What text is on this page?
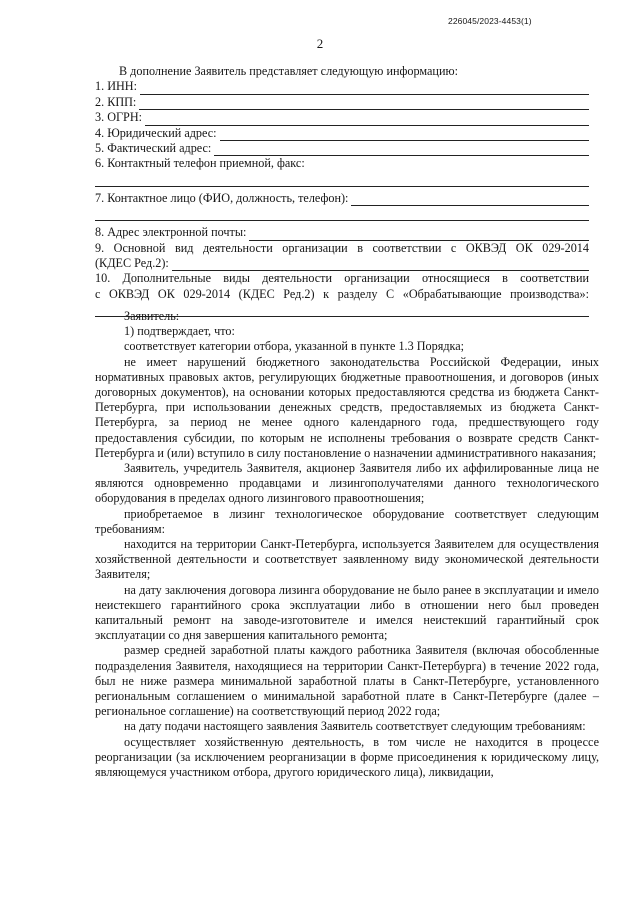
226045/2023-4453(1)
2
В дополнение Заявитель представляет следующую информацию:
1. ИНН:
2. КПП:
3. ОГРН:
4. Юридический адрес:
5. Фактический адрес:
6. Контактный телефон приемной, факс:
7. Контактное лицо (ФИО, должность, телефон):
8. Адрес электронной почты:
9. Основной вид деятельности организации в соответствии с ОКВЭД ОК 029-2014
(КДЕС Ред.2):
10. Дополнительные виды деятельности организации относящиеся в соответствии
с ОКВЭД ОК 029-2014 (КДЕС Ред.2) к разделу С «Обрабатывающие производства»:

Заявитель:

1) подтверждает, что:

соответствует категории отбора, указанной в пункте 1.3 Порядка;

не имеет нарушений бюджетного законодательства Российской Федерации, иных нормативных правовых актов, регулирующих бюджетные правоотношения, и договоров (иных договорных документов), на основании которых предоставляются средства из бюджета Санкт-Петербурга, при использовании денежных средств, предоставляемых из бюджета Санкт-Петербурга, за период не менее одного календарного года, предшествующего году предоставления субсидии, по которым не исполнены требования о возврате средств Санкт-Петербурга и (или) вступило в силу постановление о назначении административного наказания;

Заявитель, учредитель Заявителя, акционер Заявителя либо их аффилированные лица не являются одновременно продавцами и лизингополучателями данного технологического оборудования в пределах одного лизингового правоотношения;

приобретаемое в лизинг технологическое оборудование соответствует следующим требованиям:

находится на территории Санкт-Петербурга, используется Заявителем для осуществления хозяйственной деятельности и соответствует заявленному виду экономической деятельности Заявителя;

на дату заключения договора лизинга оборудование не было ранее в эксплуатации и имело неистекшего гарантийного срока эксплуатации либо в отношении него был проведен капитальный ремонт на заводе-изготовителе и имелся неистекший гарантийный срок эксплуатации со дня завершения капитального ремонта;

размер средней заработной платы каждого работника Заявителя (включая обособленные подразделения Заявителя, находящиеся на территории Санкт-Петербурга) в течение 2022 года, был не ниже размера минимальной заработной платы в Санкт-Петербурге, установленного региональным соглашением о минимальной заработной плате в Санкт-Петербурге (далее – региональное соглашение) на соответствующий период 2022 года;

на дату подачи настоящего заявления Заявитель соответствует следующим требованиям:

осуществляет хозяйственную деятельность, в том числе не находится в процессе реорганизации (за исключением реорганизации в форме присоединения к юридическому лицу, являющемуся участником отбора, другого юридического лица), ликвидации,
